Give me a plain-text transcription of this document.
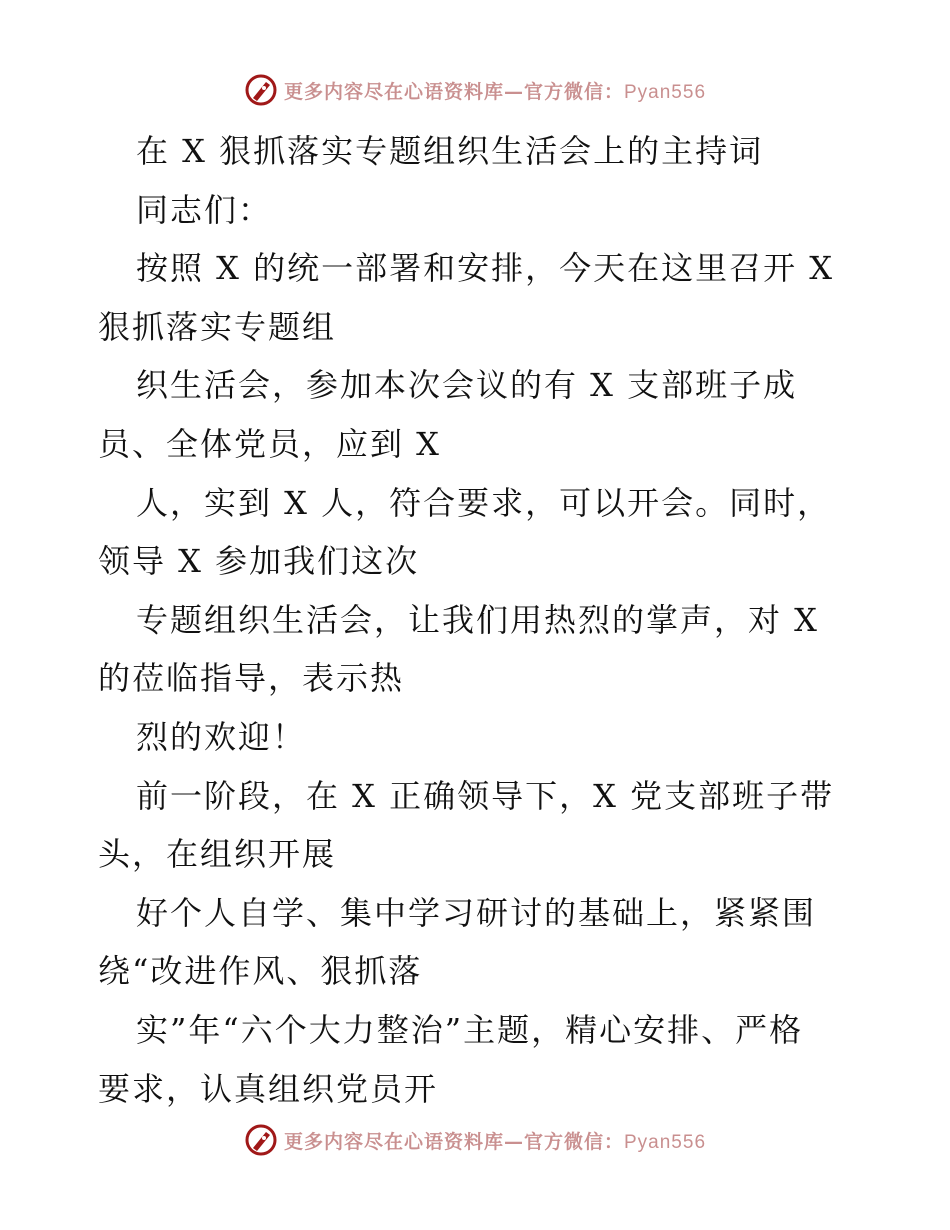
更多内容尽在心语资料库—官方微信：Pyan556
在 X 狠抓落实专题组织生活会上的主持词
同志们：
按照 X 的统一部署和安排，今天在这里召开 X
狠抓落实专题组
织生活会，参加本次会议的有 X 支部班子成
员、全体党员，应到 X
人，实到 X 人，符合要求，可以开会。同时，
领导 X 参加我们这次
专题组织生活会，让我们用热烈的掌声，对 X
的莅临指导，表示热
烈的欢迎！
前一阶段，在 X 正确领导下，X 党支部班子带
头，在组织开展
好个人自学、集中学习研讨的基础上，紧紧围
绕“改进作风、狠抓落
实”年“六个大力整治”主题，精心安排、严格
要求，认真组织党员开
更多内容尽在心语资料库—官方微信：Pyan556
